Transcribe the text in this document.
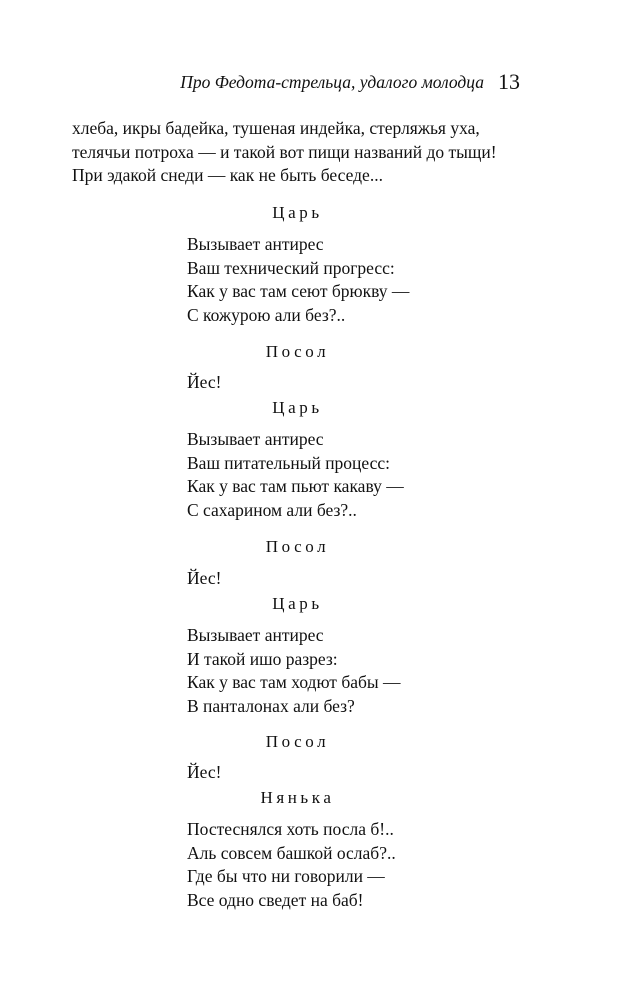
Про Федота-стрельца, удалого молодца 13
хлеба, икры бадейка, тушеная индейка, стерляжья уха,
телячьи потроха — и такой вот пищи названий до тыщи!
При эдакой снеди — как не быть беседе...
Царь
Вызывает антирес
Ваш технический прогресс:
Как у вас там сеют брюкву —
С кожурою али без?..
Посол
Йес!
Царь
Вызывает антирес
Ваш питательный процесс:
Как у вас там пьют какаву —
С сахарином али без?..
Посол
Йес!
Царь
Вызывает антирес
И такой ишо разрез:
Как у вас там ходют бабы —
В панталонах али без?
Посол
Йес!
Нянька
Постеснялся хоть посла б!..
Аль совсем башкой ослаб?..
Где бы что ни говорили —
Все одно сведет на баб!
